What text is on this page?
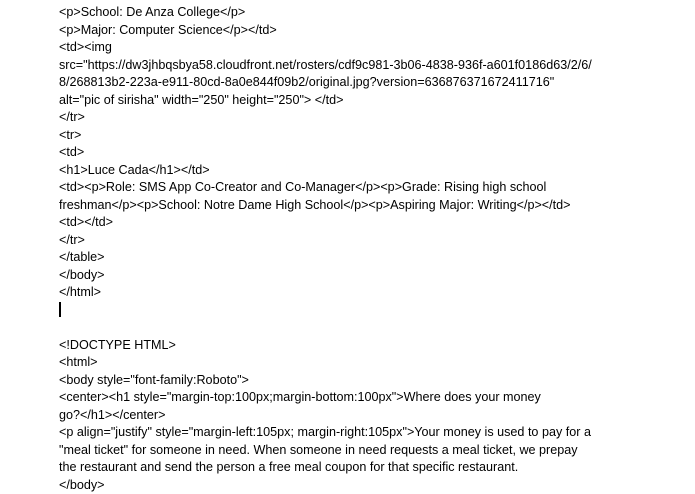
<p>School: De Anza College</p>
<p>Major: Computer Science</p></td>
<td><img
src="https://dw3jhbqsbya58.cloudfront.net/rosters/cdf9c981-3b06-4838-936f-a601f0186d63/2/6/
8/268813b2-223a-e911-80cd-8a0e844f09b2/original.jpg?version=636876371672411716"
alt="pic of sirisha" width="250" height="250"> </td>
</tr>
<tr>
<td>
<h1>Luce Cada</h1></td>
<td><p>Role: SMS App Co-Creator and Co-Manager</p><p>Grade: Rising high school
freshman</p><p>School: Notre Dame High School</p><p>Aspiring Major: Writing</p></td>
<td></td>
</tr>
</table>
</body>
</html>
<!DOCTYPE HTML>
<html>
<body style="font-family:Roboto">
<center><h1 style="margin-top:100px;margin-bottom:100px">Where does your money
go?</h1></center>
<p align="justify" style="margin-left:105px; margin-right:105px">Your money is used to pay for a
"meal ticket" for someone in need. When someone in need requests a meal ticket, we prepay
the restaurant and send the person a free meal coupon for that specific restaurant.
</body>
